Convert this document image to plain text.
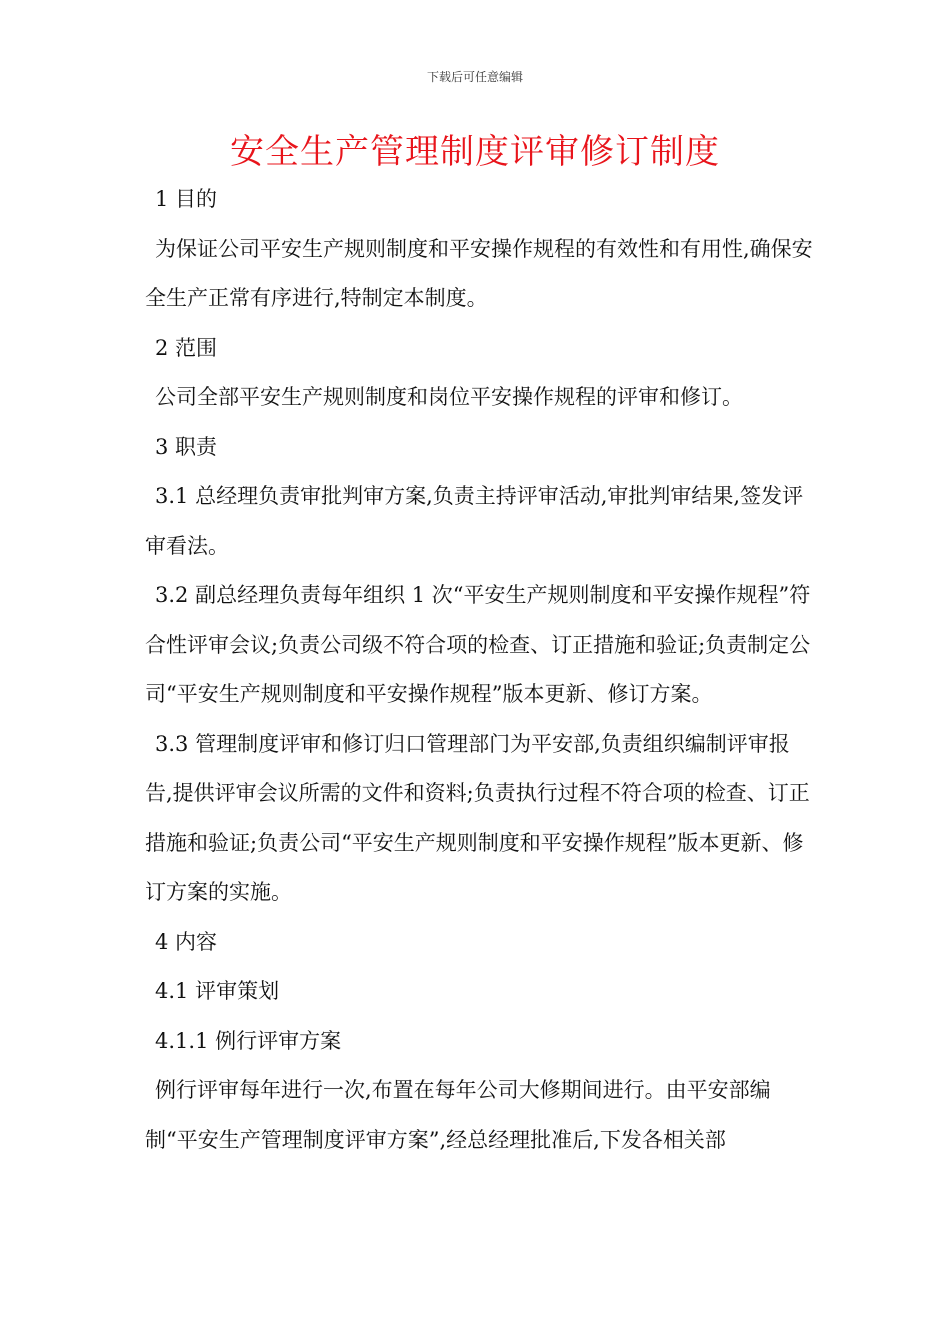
下载后可任意编辑
安全生产管理制度评审修订制度

1 目的

为保证公司平安生产规则制度和平安操作规程的有效性和有用性,确保安全生产正常有序进行,特制定本制度。

2 范围

公司全部平安生产规则制度和岗位平安操作规程的评审和修订。

3 职责

3.1 总经理负责审批判审方案,负责主持评审活动,审批判审结果,签发评审看法。

3.2 副总经理负责每年组织 1 次“平安生产规则制度和平安操作规程”符合性评审会议;负责公司级不符合项的检查、订正措施和验证;负责制定公司“平安生产规则制度和平安操作规程”版本更新、修订方案。

3.3 管理制度评审和修订归口管理部门为平安部,负责组织编制评审报告,提供评审会议所需的文件和资料;负责执行过程不符合项的检查、订正措施和验证;负责公司“平安生产规则制度和平安操作规程”版本更新、修订方案的实施。

4 内容

4.1 评审策划

4.1.1 例行评审方案

例行评审每年进行一次,布置在每年公司大修期间进行。由平安部编制“平安生产管理制度评审方案”,经总经理批准后,下发各相关部
